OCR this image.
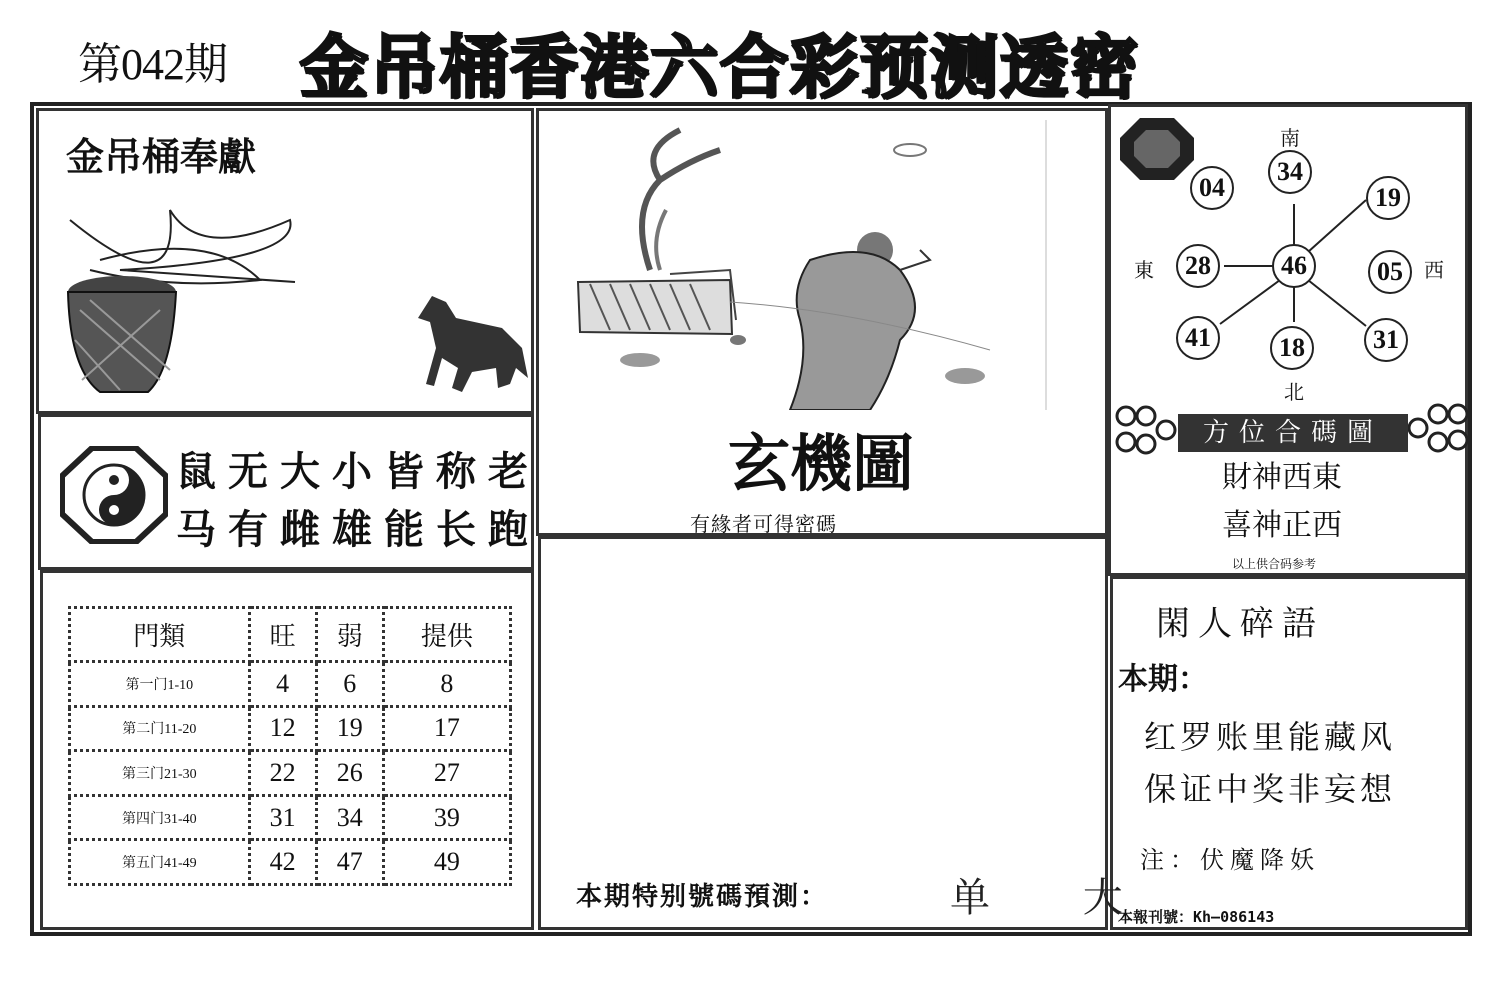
第042期 金吊桶香港六合彩预测透密
金吊桶奉獻
鼠无大小皆称老
马有雌雄能长跑
門類	旺	弱	提供
第一门1-10	4	6	8
第二门11-20	12	19	17
第三门21-30	22	26	27
第四门31-40	31	34	39
第五门41-49	42	47	49
玄機圖
有緣者可得密碼
本期特别號碼預測：	单 大
34
04	19
28	46	05
41	18	31
南
北
東	西
方位合碼圖
財神西東
喜神正西
以上供合码参考
閑人碎語
本期：
红罗账里能藏风
保证中奖非妄想
注：伏魔降妖
本報刊號：Kh—086143
